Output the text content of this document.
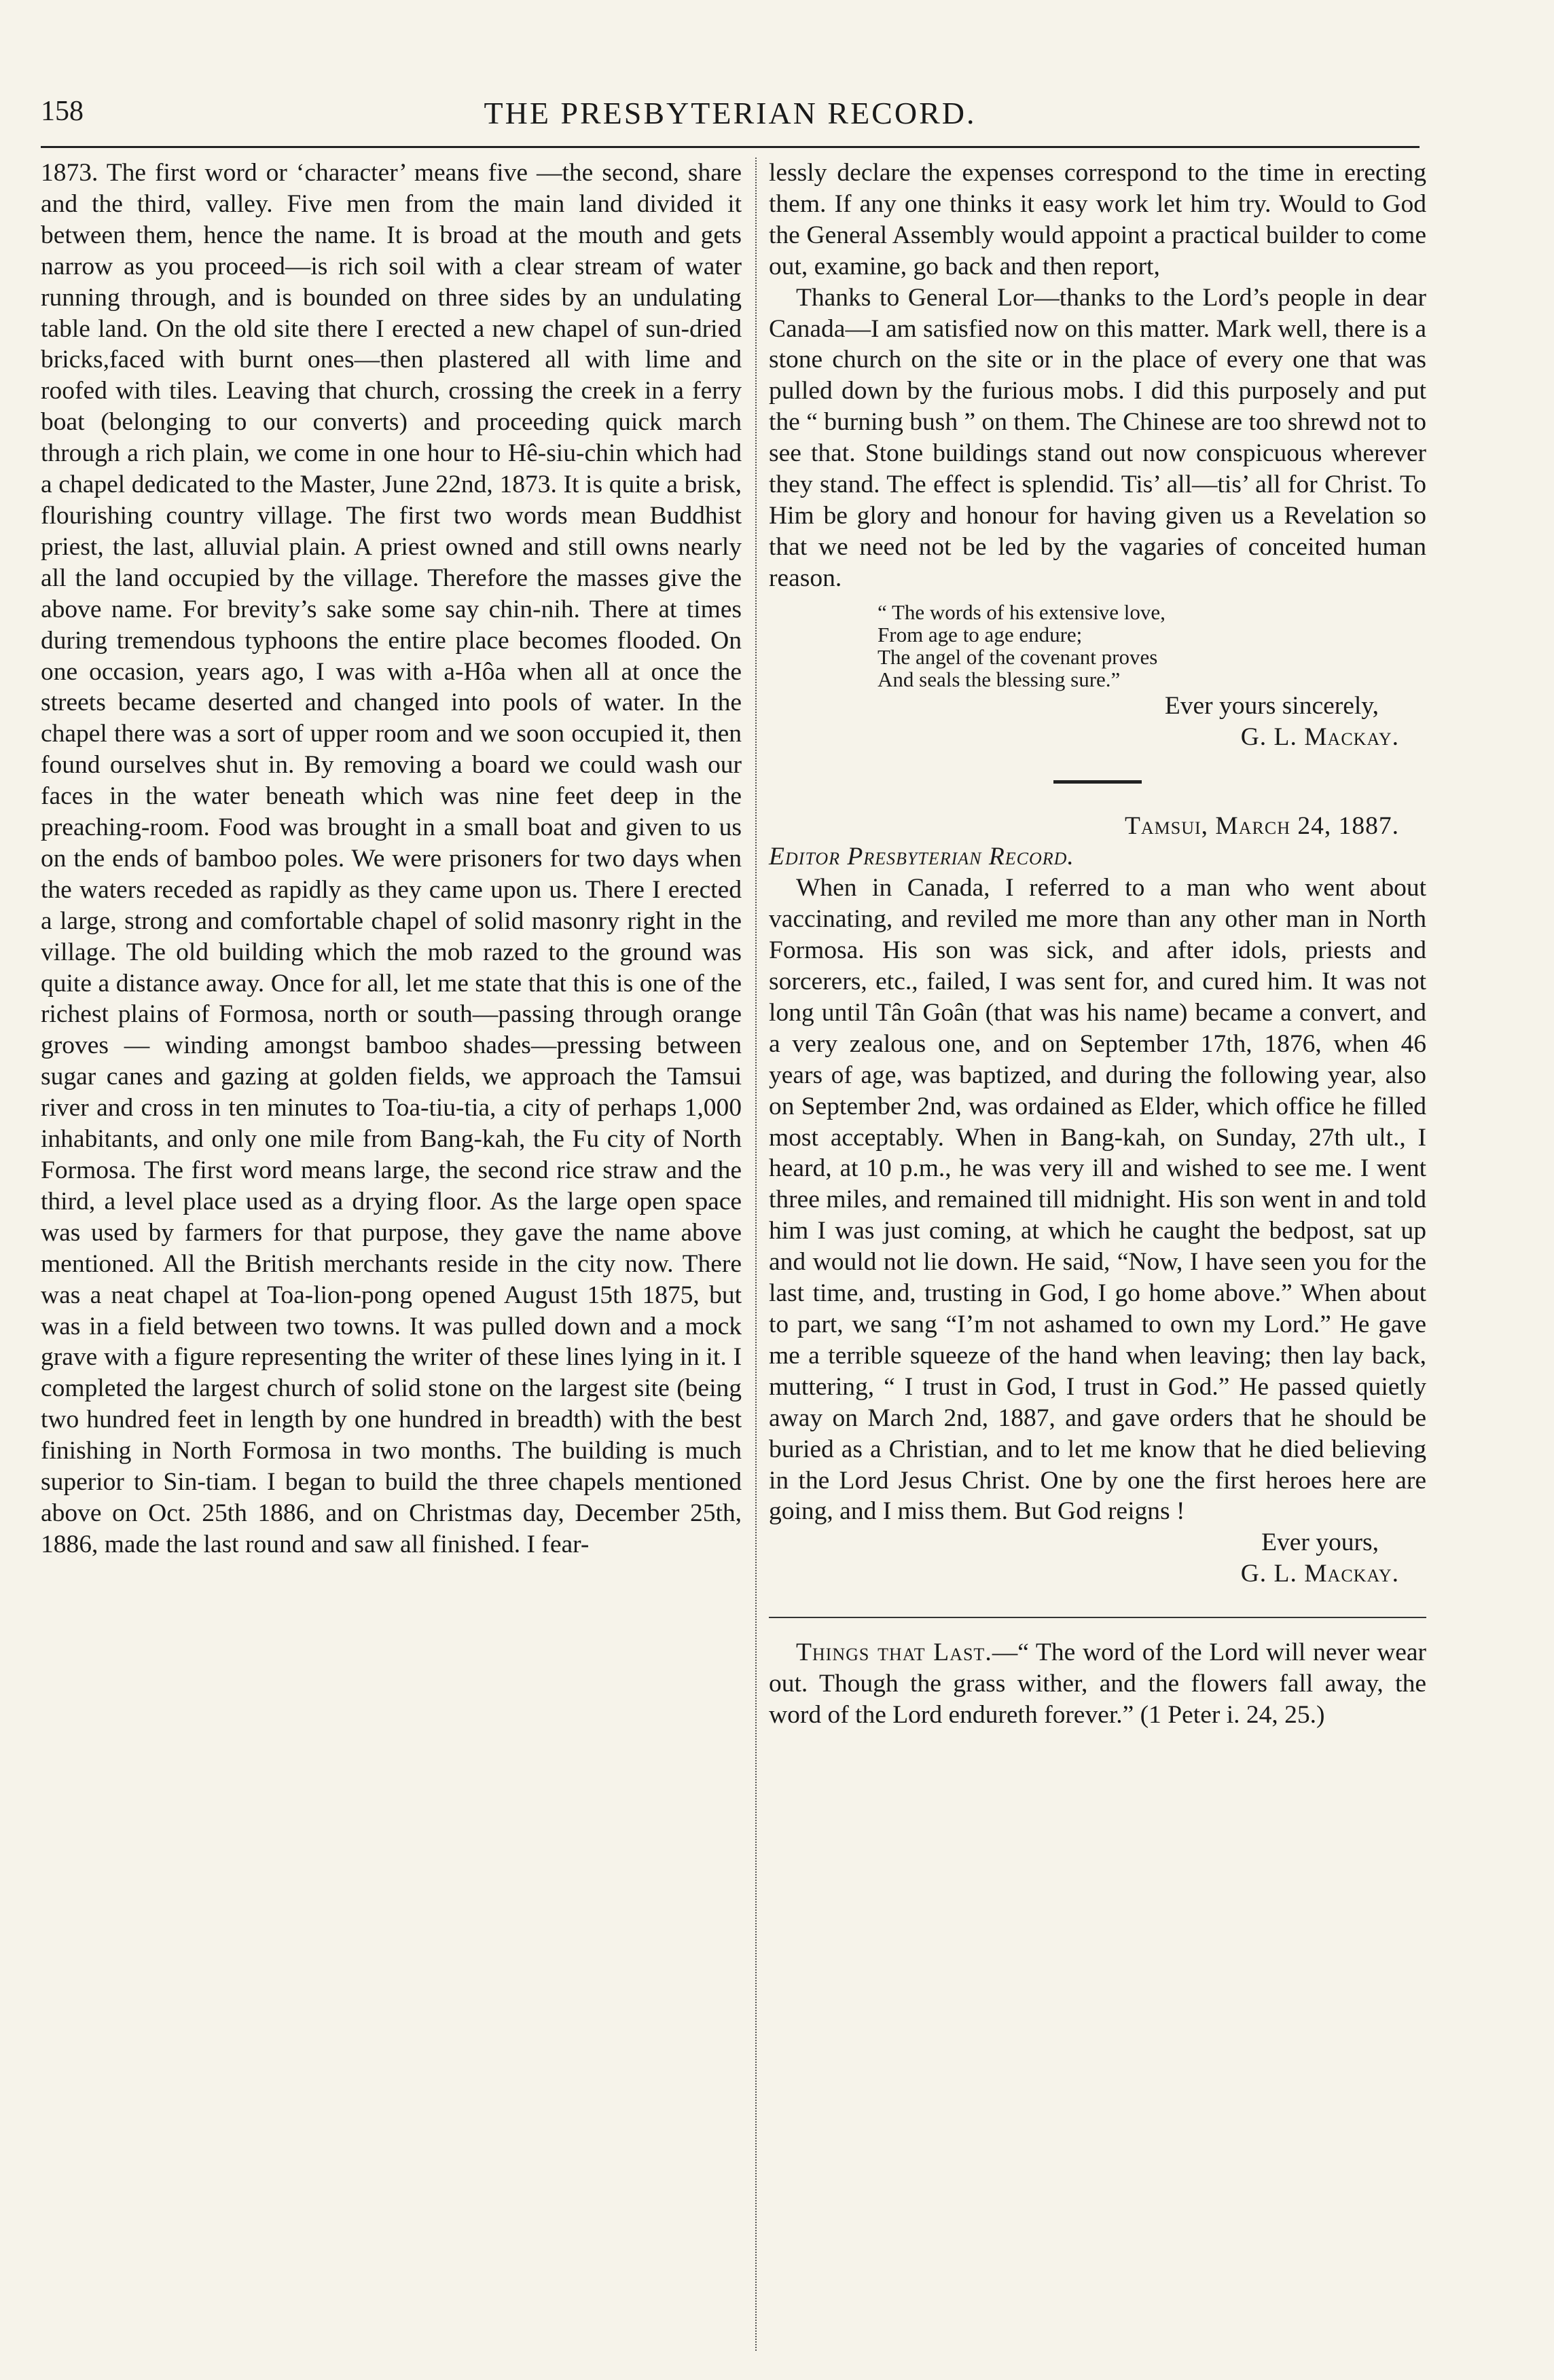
158	THE PRESBYTERIAN RECORD.

1873. The first word or ‘character’ means five —the second, share and the third, valley. Five men from the main land divided it between them, hence the name. It is broad at the mouth and gets narrow as you proceed—is rich soil with a clear stream of water running through, and is bounded on three sides by an undulating table land. On the old site there I erected a new chapel of sun-dried bricks,faced with burnt ones—then plastered all with lime and roofed with tiles. Leaving that church, crossing the creek in a ferry boat (belonging to our converts) and proceeding quick march through a rich plain, we come in one hour to Hê-siu-chin which had a chapel dedicated to the Master, June 22nd, 1873. It is quite a brisk, flourishing country village. The first two words mean Buddhist priest, the last, alluvial plain. A priest owned and still owns nearly all the land occupied by the village. Therefore the masses give the above name. For brevity’s sake some say chin-nih. There at times during tremendous typhoons the entire place becomes flooded. On one occasion, years ago, I was with a-Hôa when all at once the streets became deserted and changed into pools of water. In the chapel there was a sort of upper room and we soon occupied it, then found ourselves shut in. By removing a board we could wash our faces in the water beneath which was nine feet deep in the preaching-room. Food was brought in a small boat and given to us on the ends of bamboo poles. We were prisoners for two days when the waters receded as rapidly as they came upon us. There I erected a large, strong and comfortable chapel of solid masonry right in the village. The old building which the mob razed to the ground was quite a distance away. Once for all, let me state that this is one of the richest plains of Formosa, north or south—passing through orange groves — winding amongst bamboo shades—pressing between sugar canes and gazing at golden fields, we approach the Tamsui river and cross in ten minutes to Toa-tiu-tia, a city of perhaps 1,000 inhabitants, and only one mile from Bang-kah, the Fu city of North Formosa. The first word means large, the second rice straw and the third, a level place used as a drying floor. As the large open space was used by farmers for that purpose, they gave the name above mentioned. All the British merchants reside in the city now. There was a neat chapel at Toa-lion-pong opened August 15th 1875, but was in a field between two towns. It was pulled down and a mock grave with a figure representing the writer of these lines lying in it. I completed the largest church of solid stone on the largest site (being two hundred feet in length by one hundred in breadth) with the best finishing in North Formosa in two months. The building is much superior to Sin-tiam. I began to build the three chapels mentioned above on Oct. 25th 1886, and on Christmas day, December 25th, 1886, made the last round and saw all finished. I fear-

lessly declare the expenses correspond to the time in erecting them. If any one thinks it easy work let him try. Would to God the General Assembly would appoint a practical builder to come out, examine, go back and then report,

Thanks to General Lor—thanks to the Lord’s people in dear Canada—I am satisfied now on this matter. Mark well, there is a stone church on the site or in the place of every one that was pulled down by the furious mobs. I did this purposely and put the “ burning bush ” on them. The Chinese are too shrewd not to see that. Stone buildings stand out now conspicuous wherever they stand. The effect is splendid. Tis’ all—tis’ all for Christ. To Him be glory and honour for having given us a Revelation so that we need not be led by the vagaries of conceited human reason.

“ The words of his extensive love,
From age to age endure;
The angel of the covenant proves
And seals the blessing sure.”

Ever yours sincerely,

G. L. Mackay.

Tamsui, March 24, 1887.

Editor Presbyterian Record.

When in Canada, I referred to a man who went about vaccinating, and reviled me more than any other man in North Formosa. His son was sick, and after idols, priests and sorcerers, etc., failed, I was sent for, and cured him. It was not long until Tân Goân (that was his name) became a convert, and a very zealous one, and on September 17th, 1876, when 46 years of age, was baptized, and during the following year, also on September 2nd, was ordained as Elder, which office he filled most acceptably. When in Bang-kah, on Sunday, 27th ult., I heard, at 10 p.m., he was very ill and wished to see me. I went three miles, and remained till midnight. His son went in and told him I was just coming, at which he caught the bedpost, sat up and would not lie down. He said, “Now, I have seen you for the last time, and, trusting in God, I go home above.” When about to part, we sang “I’m not ashamed to own my Lord.” He gave me a terrible squeeze of the hand when leaving; then lay back, muttering, “ I trust in God, I trust in God.” He passed quietly away on March 2nd, 1887, and gave orders that he should be buried as a Christian, and to let me know that he died believing in the Lord Jesus Christ. One by one the first heroes here are going, and I miss them. But God reigns !

Ever yours,

G. L. Mackay.

Things that Last.—“ The word of the Lord will never wear out. Though the grass wither, and the flowers fall away, the word of the Lord endureth forever.” (1 Peter i. 24, 25.)
